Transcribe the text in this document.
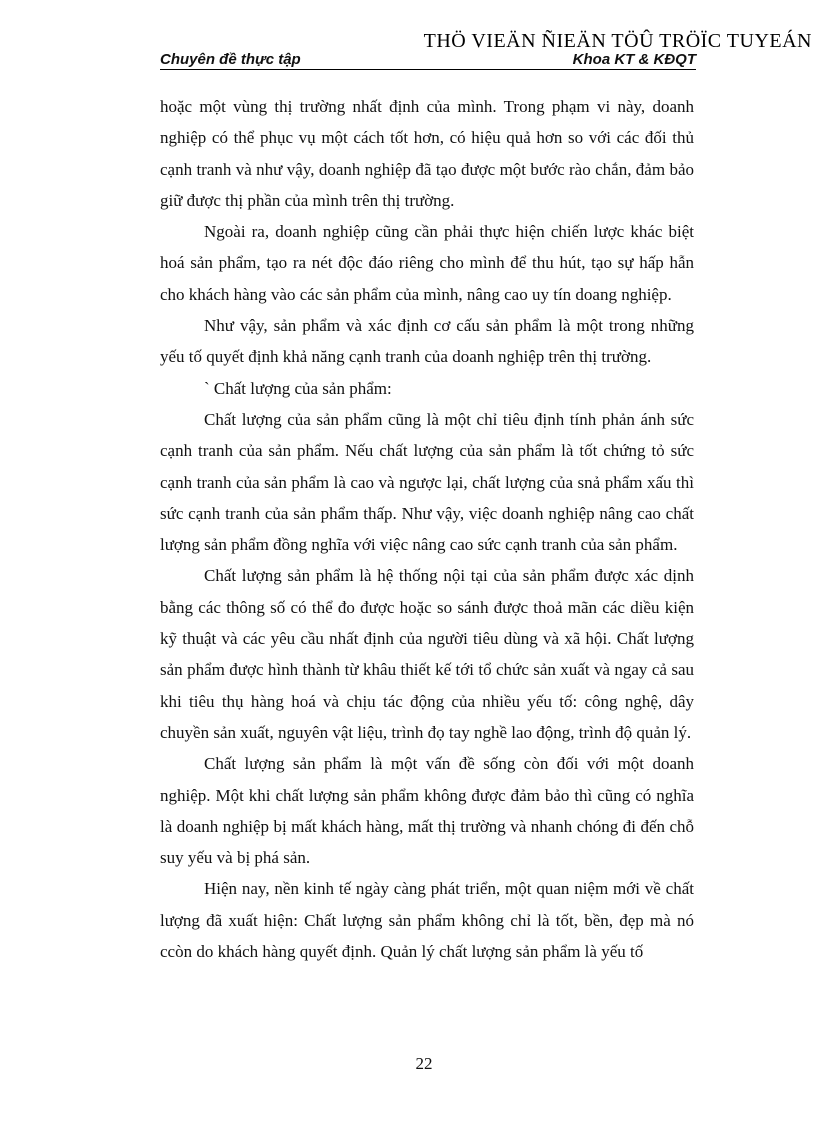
THÖ VIEÄN ÑIEÄN TÖÛ TRÖÏC TUYEÁN
Chuyên đề thực tập	Khoa KT & KĐQT

hoặc một vùng thị trường nhất định của mình. Trong phạm vi này, doanh nghiệp có thể phục vụ một cách tốt hơn, có hiệu quả hơn so với các đối thủ cạnh tranh và như vậy, doanh nghiệp đã tạo được một bước rào chắn, đảm bảo giữ được thị phần của mình trên thị trường.

Ngoài ra, doanh nghiệp cũng cần phải thực hiện chiến lược khác biệt hoá sản phẩm, tạo ra nét độc đáo riêng cho mình để thu hút, tạo sự hấp hẫn cho khách hàng vào các sản phẩm của mình, nâng cao uy tín doang nghiệp.

Như vậy, sản phẩm và xác định cơ cấu sản phẩm là một trong những yếu tố quyết định khả năng cạnh tranh của doanh nghiệp trên thị trường.

` Chất lượng của sản phẩm:

Chất lượng của sản phẩm cũng là một chỉ tiêu định tính phản ánh sức cạnh tranh của sản phẩm. Nếu chất lượng của sản phẩm là tốt chứng tỏ sức cạnh tranh của sản phẩm là cao và ngược lại, chất lượng của snả phẩm xấu thì sức cạnh tranh của sản phẩm thấp. Như vậy, việc doanh nghiệp nâng cao chất lượng sản phẩm đồng nghĩa với việc nâng cao sức cạnh tranh của sản phẩm.

Chất lượng sản phẩm là hệ thống nội tại của sản phẩm được xác dịnh bằng các thông số có thể đo được hoặc so sánh được thoả mãn các diều kiện kỹ thuật và các yêu cầu nhất định của người tiêu dùng và xã hội. Chất lượng sản phẩm được hình thành từ khâu thiết kế tới tổ chức sản xuất và ngay cả sau khi tiêu thụ hàng hoá và chịu tác động của nhiều yếu tố: công nghệ, dây chuyền sản xuất, nguyên vật liệu, trình đọ tay nghề lao động, trình độ quản lý.

Chất lượng sản phẩm là một vấn đề sống còn đối với một doanh nghiệp. Một khi chất lượng sản phẩm không được đảm bảo thì cũng có nghĩa là doanh nghiệp bị mất khách hàng, mất thị trường và nhanh chóng đi đến chỗ suy yếu và bị phá sản.

Hiện nay, nền kinh tế ngày càng phát triển, một quan niệm mới về chất lượng đã xuất hiện: Chất lượng sản phẩm không chỉ là tốt, bền, đẹp mà nó ccòn do khách hàng quyết định. Quản lý chất lượng sản phẩm là yếu tố

22
